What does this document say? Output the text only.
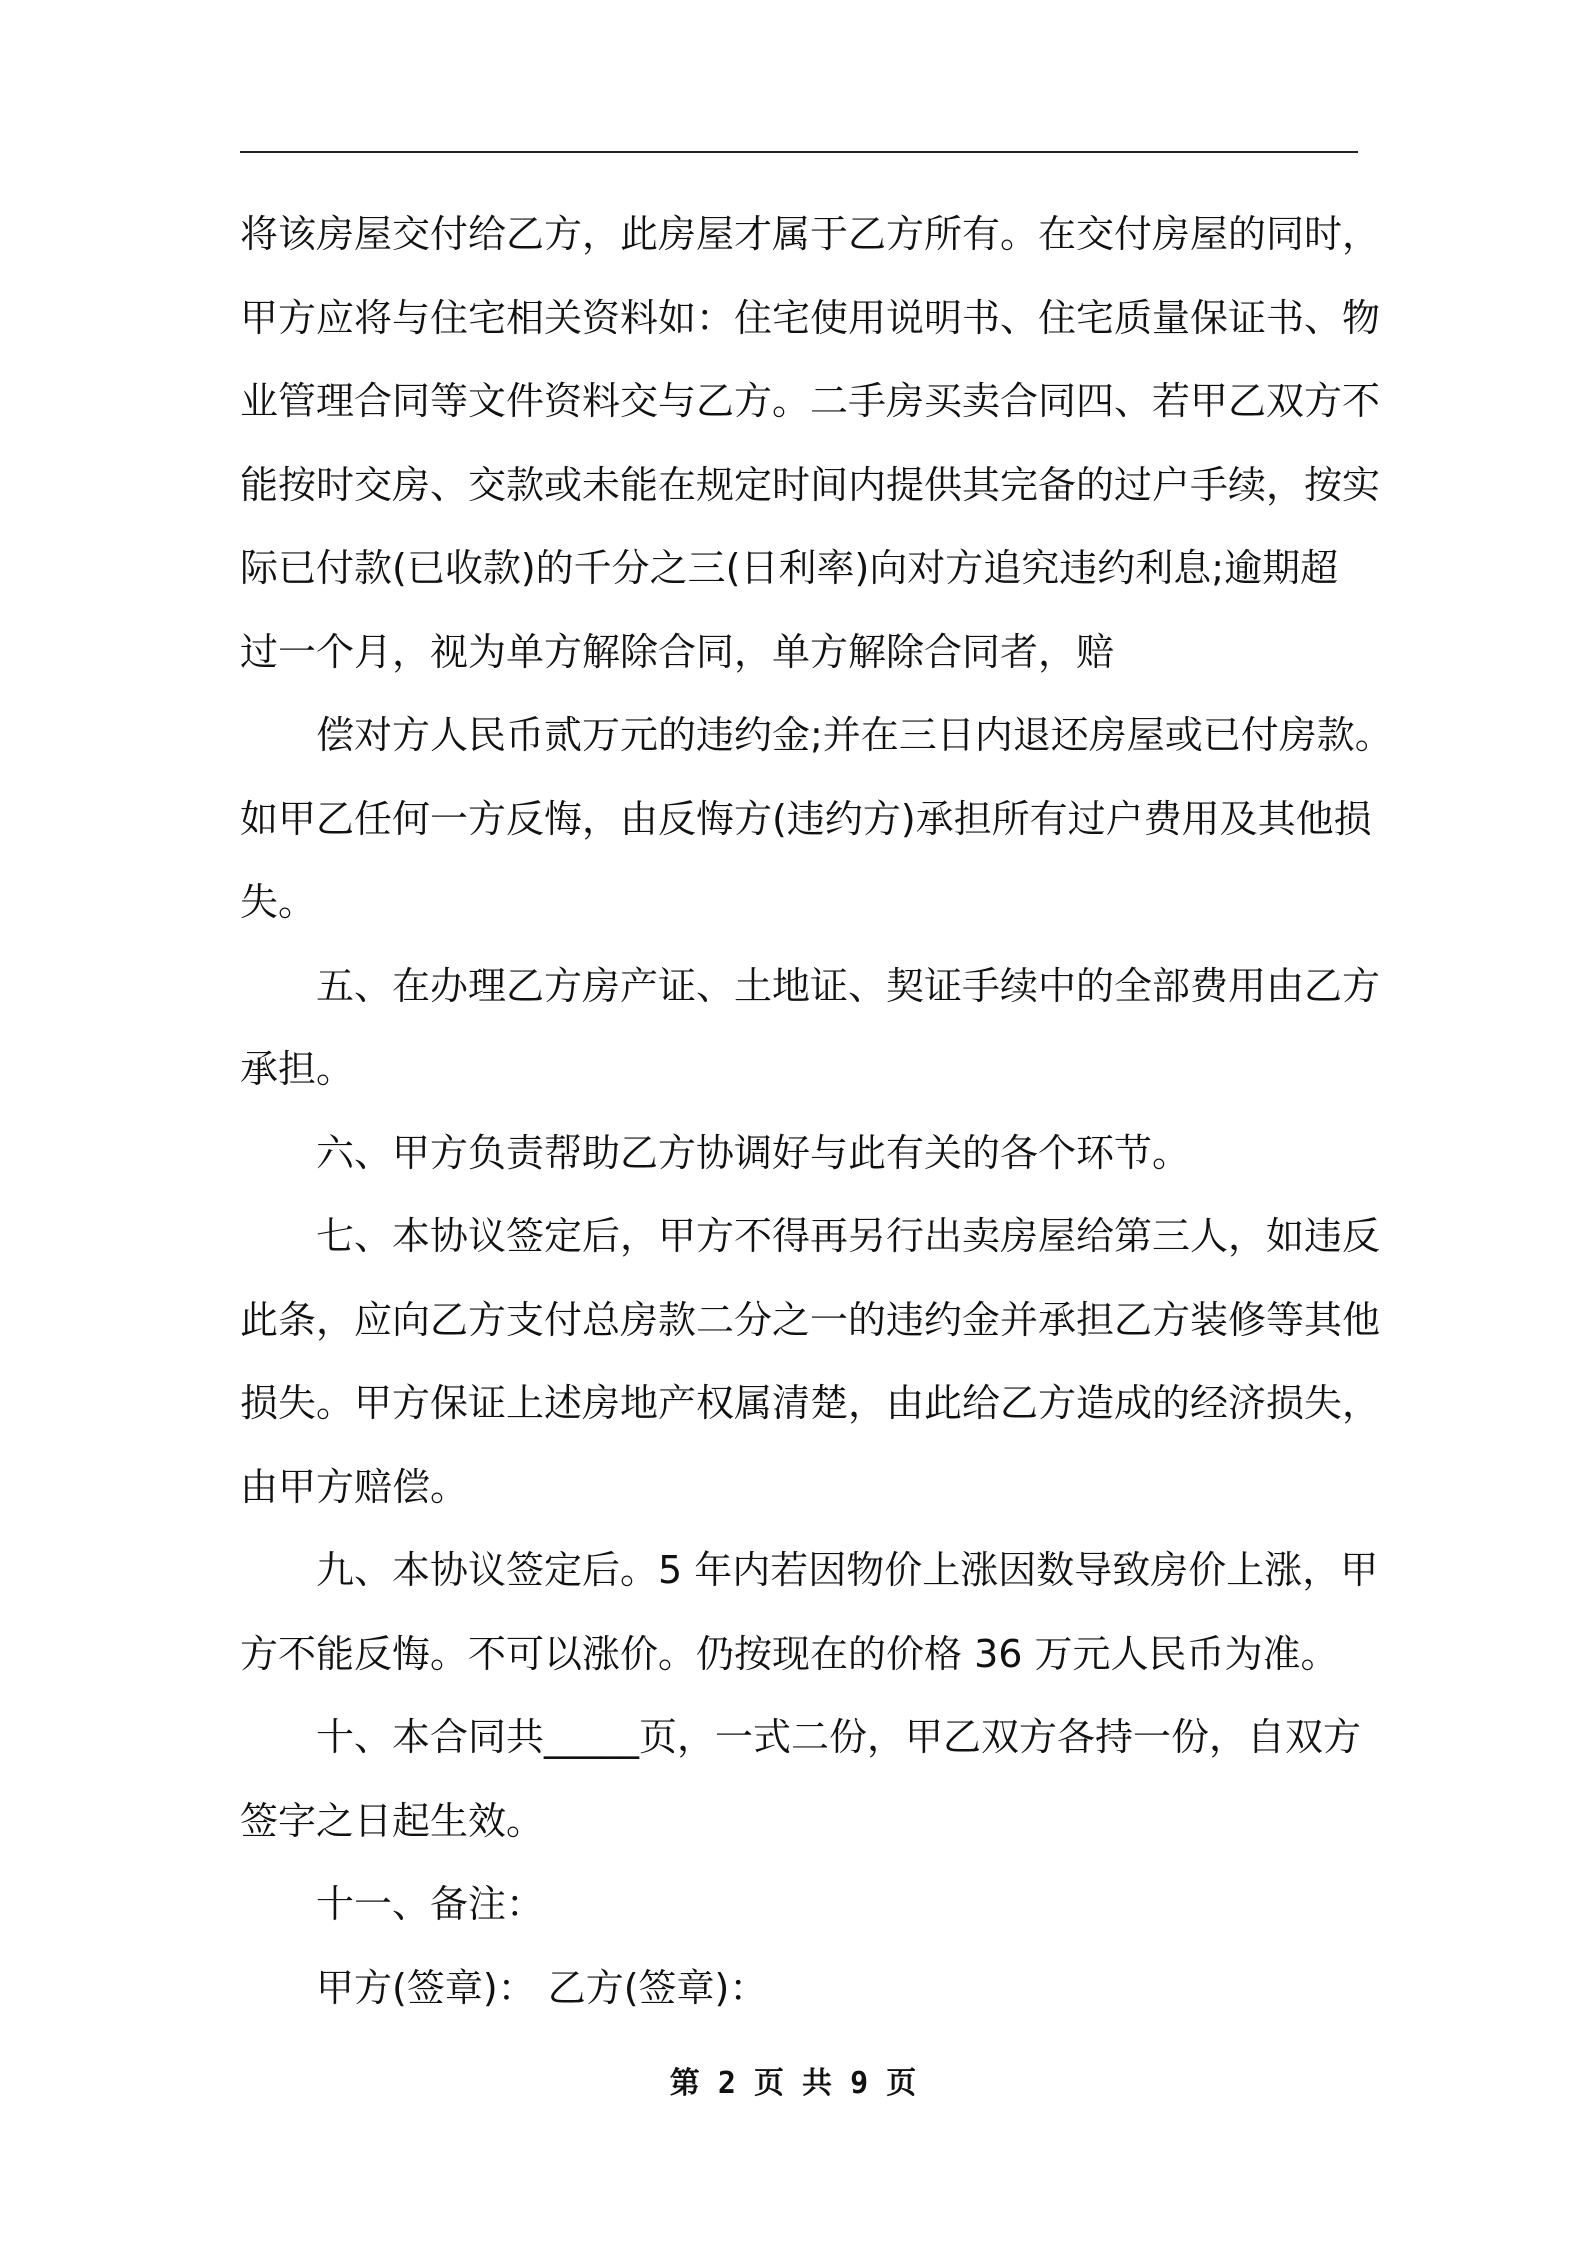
将该房屋交付给乙方，此房屋才属于乙方所有。在交付房屋的同时，
甲方应将与住宅相关资料如：住宅使用说明书、住宅质量保证书、物
业管理合同等文件资料交与乙方。二手房买卖合同四、若甲乙双方不
能按时交房、交款或未能在规定时间内提供其完备的过户手续，按实
际已付款(已收款)的千分之三(日利率)向对方追究违约利息;逾期超
过一个月，视为单方解除合同，单方解除合同者，赔
偿对方人民币贰万元的违约金;并在三日内退还房屋或已付房款。
如甲乙任何一方反悔，由反悔方(违约方)承担所有过户费用及其他损
失。
五、在办理乙方房产证、土地证、契证手续中的全部费用由乙方
承担。
六、甲方负责帮助乙方协调好与此有关的各个环节。
七、本协议签定后，甲方不得再另行出卖房屋给第三人，如违反
此条，应向乙方支付总房款二分之一的违约金并承担乙方装修等其他
损失。甲方保证上述房地产权属清楚，由此给乙方造成的经济损失，
由甲方赔偿。
九、本协议签定后。5 年内若因物价上涨因数导致房价上涨，甲
方不能反悔。不可以涨价。仍按现在的价格 36 万元人民币为准。
十、本合同共_____页，一式二份，甲乙双方各持一份，自双方
签字之日起生效。
十一、备注：
甲方(签章)： 乙方(签章)：
第 2 页 共 9 页
